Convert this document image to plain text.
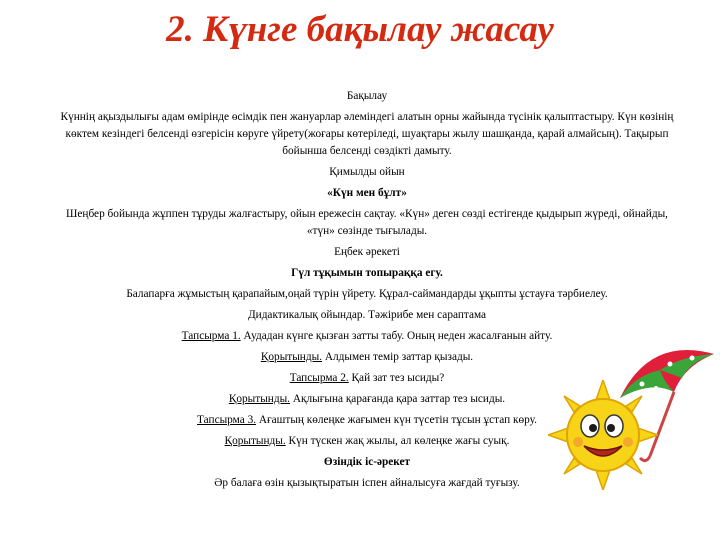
2. Күнге бақылау жасау

Бақылау

Күннің ақыздылығы адам өмірінде өсімдік пен жануарлар әлеміндегі алатын орны жайында түсінік қалыптастыру. Күн көзінің көктем кезіндегі белсенді өзгерісін көруге үйрету(жоғары көтеріледі, шуақтары жылу шашқанда, қарай алмайсың). Тақырып бойынша белсенді сөздікті дамыту.

Қимылды ойын

«Күн мен бұлт»

Шеңбер бойында жұппен тұруды жалғастыру, ойын ережесін сақтау. «Күн» деген сөзді естігенде қыдырып жүреді, ойнайды, «түн» сөзінде тығылады.

Еңбек әрекеті

Гүл тұқымын топыраққа егу.

Балапарға жұмыстың қарапайым,оңай түрін үйрету. Құрал-саймандарды ұқыпты ұстауға тәрбиелеу.

Дидактикалық ойындар. Тәжірибе мен сараптама

Тапсырма 1. Аудадан күнге қызған затты табу. Оның неден жасалғанын айту.

Қорытынды. Алдымен темір заттар қызады.

Тапсырма 2. Қай зат тез ысиды?

Қорытынды. Ақлығына қарағанда қара заттар тез ысиды.

Тапсырма 3. Ағаштың көлеңке жағымен күн түсетін тұсын ұстап көру.

Қорытынды. Күн түскен жақ жылы, ал көлеңке жағы суық.

Өзіндік іс-әрекет

Әр балаға өзін қызықтыратын іспен айналысуға жағдай туғызу.
